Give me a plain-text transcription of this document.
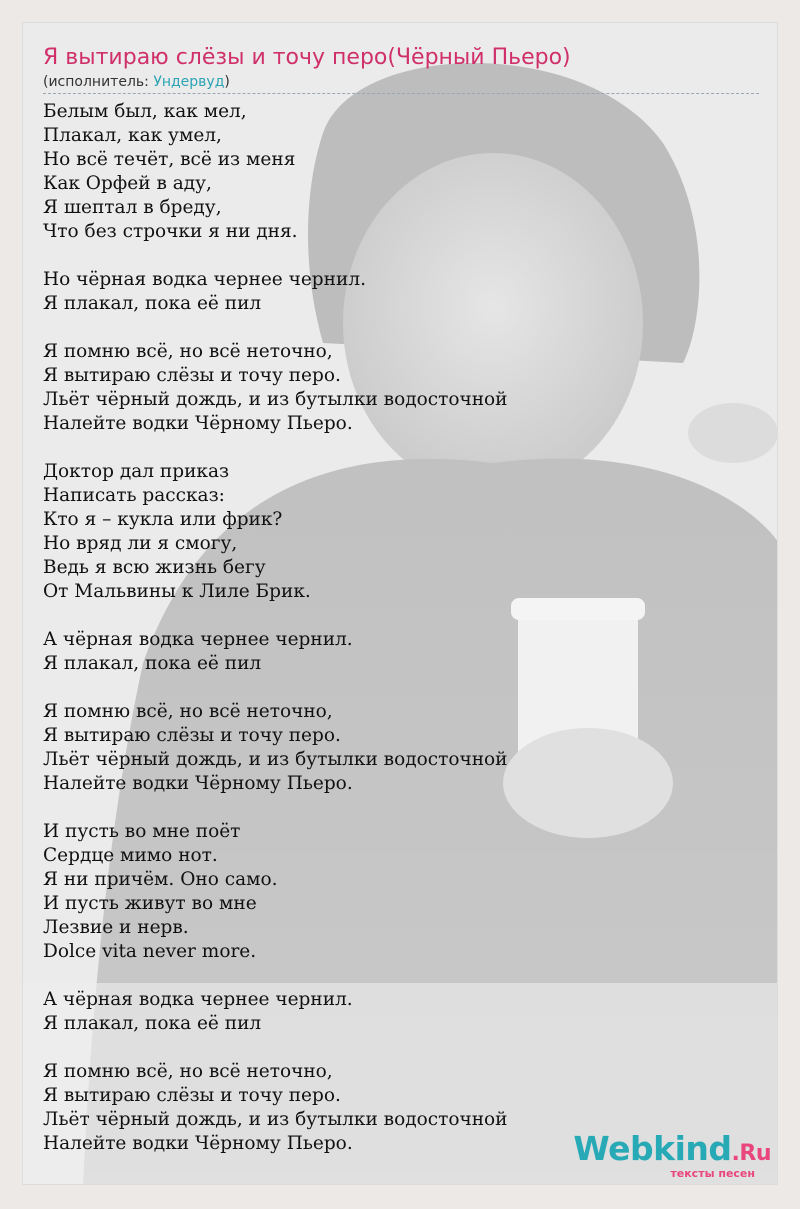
Я вытираю слёзы и точу перо(Чёрный Пьеро)
(исполнитель: Ундервуд)
Белым был, как мел,
Плакал, как умел,
Но всё течёт, всё из меня
Как Орфей в аду,
Я шептал в бреду,
Что без строчки я ни дня.
Но чёрная водка чернее чернил.
Я плакал, пока её пил
Я помню всё, но всё неточно,
Я вытираю слёзы и точу перо.
Льёт чёрный дождь, и из бутылки водосточной
Налейте водки Чёрному Пьеро.
Доктор дал приказ
Написать рассказ:
Кто я – кукла или фрик?
Но вряд ли я смогу,
Ведь я всю жизнь бегу
От Мальвины к Лиле Брик.
А чёрная водка чернее чернил.
Я плакал, пока её пил
Я помню всё, но всё неточно,
Я вытираю слёзы и точу перо.
Льёт чёрный дождь, и из бутылки водосточной
Налейте водки Чёрному Пьеро.
И пусть во мне поёт
Сердце мимо нот.
Я ни причём. Оно само.
И пусть живут во мне
Лезвие и нерв.
Dolce vita never more.
А чёрная водка чернее чернил.
Я плакал, пока её пил
Я помню всё, но всё неточно,
Я вытираю слёзы и точу перо.
Льёт чёрный дождь, и из бутылки водосточной
Налейте водки Чёрному Пьеро.	Webkind.Ru
тексты песен
